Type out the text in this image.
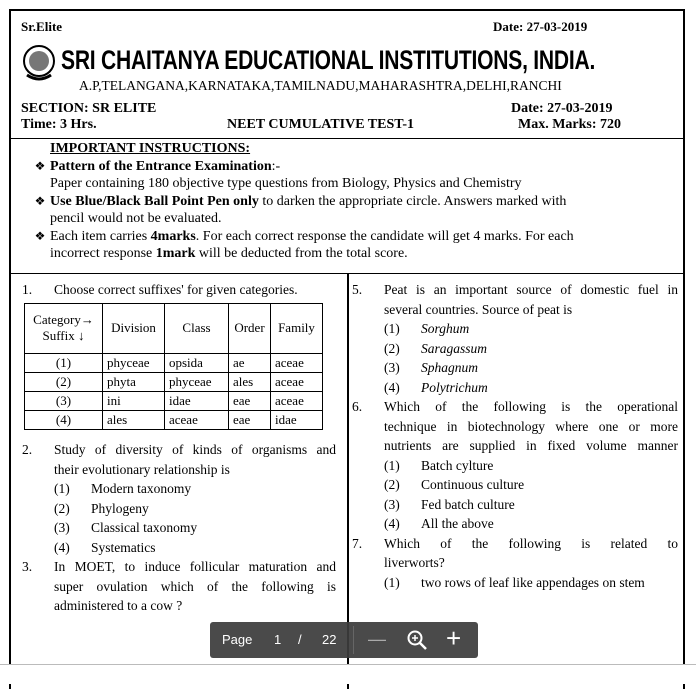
Sr.Elite	Date: 27-03-2019
SRI CHAITANYA EDUCATIONAL INSTITUTIONS, INDIA.
A.P,TELANGANA,KARNATAKA,TAMILNADU,MAHARASHTRA,DELHI,RANCHI
SECTION: SR ELITE
Time: 3 Hrs.	NEET CUMULATIVE TEST-1
Date: 27-03-2019
Max. Marks: 720
IMPORTANT INSTRUCTIONS:
❖ Pattern of the Entrance Examination :-
Paper containing 180 objective type questions from Biology, Physics and Chemistry
❖ Use Blue/Black Ball Point Pen only to darken the appropriate circle. Answers marked with
pencil would not be evaluated.
❖ Each item carries 4marks . For each correct response the candidate will get 4 marks. For each
incorrect response 1mark will be deducted from the total score.
1.	Choose correct suffixes' for given categories.
Category→ Suffix ↓	Division	Class	Order	Family
(1)	phyceae	opsida	ae	aceae
(2)	phyta	phyceae	ales	aceae
(3)	ini	idae	eae	aceae
(4)	ales	aceae	eae	idae
2.	Study of diversity of kinds of organisms and
their evolutionary relationship is
(1)	Modern taxonomy
(2)	Phylogeny
(3)	Classical taxonomy
(4)	Systematics
3.	In MOET, to induce follicular maturation and
super ovulation which of the following is
administered to a cow ?
5.	Peat is an important source of domestic fuel in
several countries. Source of peat is
(1)	Sorghum
(2)	Saragassum
(3)	Sphagnum
(4)	Polytrichum
6.	Which of the following is the operational
technique in biotechnology where one or more
nutrients are supplied in fixed volume manner
(1)	Batch cylture
(2)	Continuous culture
(3)	Fed batch culture
(4)	All the above
7.	Which of the following is related to
liverworts?
(1)	two rows of leaf like appendages on stem
Page 1 / 22 — +
